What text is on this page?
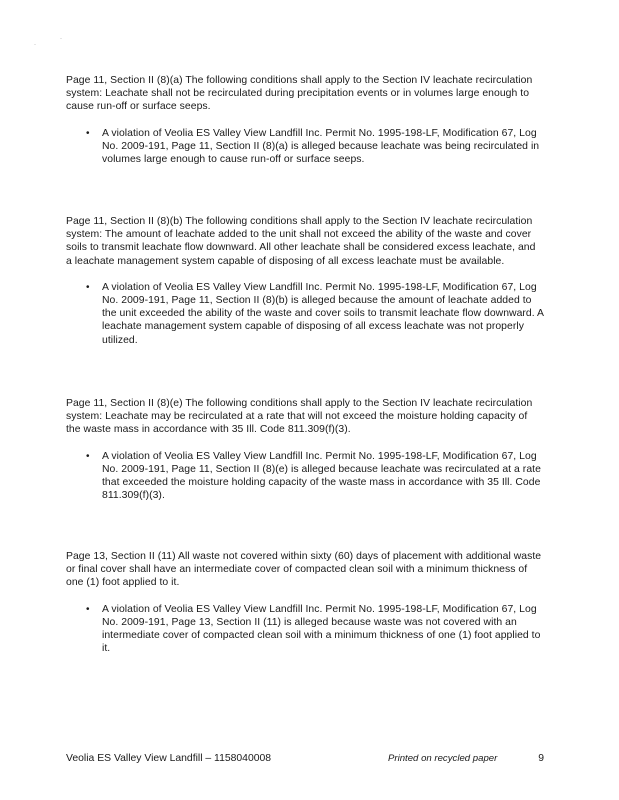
·
·

Page 11, Section II (8)(a) The following conditions shall apply to the Section IV leachate recirculation system: Leachate shall not be recirculated during precipitation events or in volumes large enough to cause run-off or surface seeps.

• A violation of Veolia ES Valley View Landfill Inc. Permit No. 1995-198-LF, Modification 67, Log No. 2009-191, Page 11, Section II (8)(a) is alleged because leachate was being recirculated in volumes large enough to cause run-off or surface seeps.

Page 11, Section II (8)(b) The following conditions shall apply to the Section IV leachate recirculation system: The amount of leachate added to the unit shall not exceed the ability of the waste and cover soils to transmit leachate flow downward. All other leachate shall be considered excess leachate, and a leachate management system capable of disposing of all excess leachate must be available.

• A violation of Veolia ES Valley View Landfill Inc. Permit No. 1995-198-LF, Modification 67, Log No. 2009-191, Page 11, Section II (8)(b) is alleged because the amount of leachate added to the unit exceeded the ability of the waste and cover soils to transmit leachate flow downward. A leachate management system capable of disposing of all excess leachate was not properly utilized.

Page 11, Section II (8)(e) The following conditions shall apply to the Section IV leachate recirculation system: Leachate may be recirculated at a rate that will not exceed the moisture holding capacity of the waste mass in accordance with 35 Ill. Code 811.309(f)(3).

• A violation of Veolia ES Valley View Landfill Inc. Permit No. 1995-198-LF, Modification 67, Log No. 2009-191, Page 11, Section II (8)(e) is alleged because leachate was recirculated at a rate that exceeded the moisture holding capacity of the waste mass in accordance with 35 Ill. Code 811.309(f)(3).

Page 13, Section II (11) All waste not covered within sixty (60) days of placement with additional waste or final cover shall have an intermediate cover of compacted clean soil with a minimum thickness of one (1) foot applied to it.

• A violation of Veolia ES Valley View Landfill Inc. Permit No. 1995-198-LF, Modification 67, Log No. 2009-191, Page 13, Section II (11) is alleged because waste was not covered with an intermediate cover of compacted clean soil with a minimum thickness of one (1) foot applied to it.
Veolia ES Valley View Landfill – 1158040008	Printed on recycled paper	9
